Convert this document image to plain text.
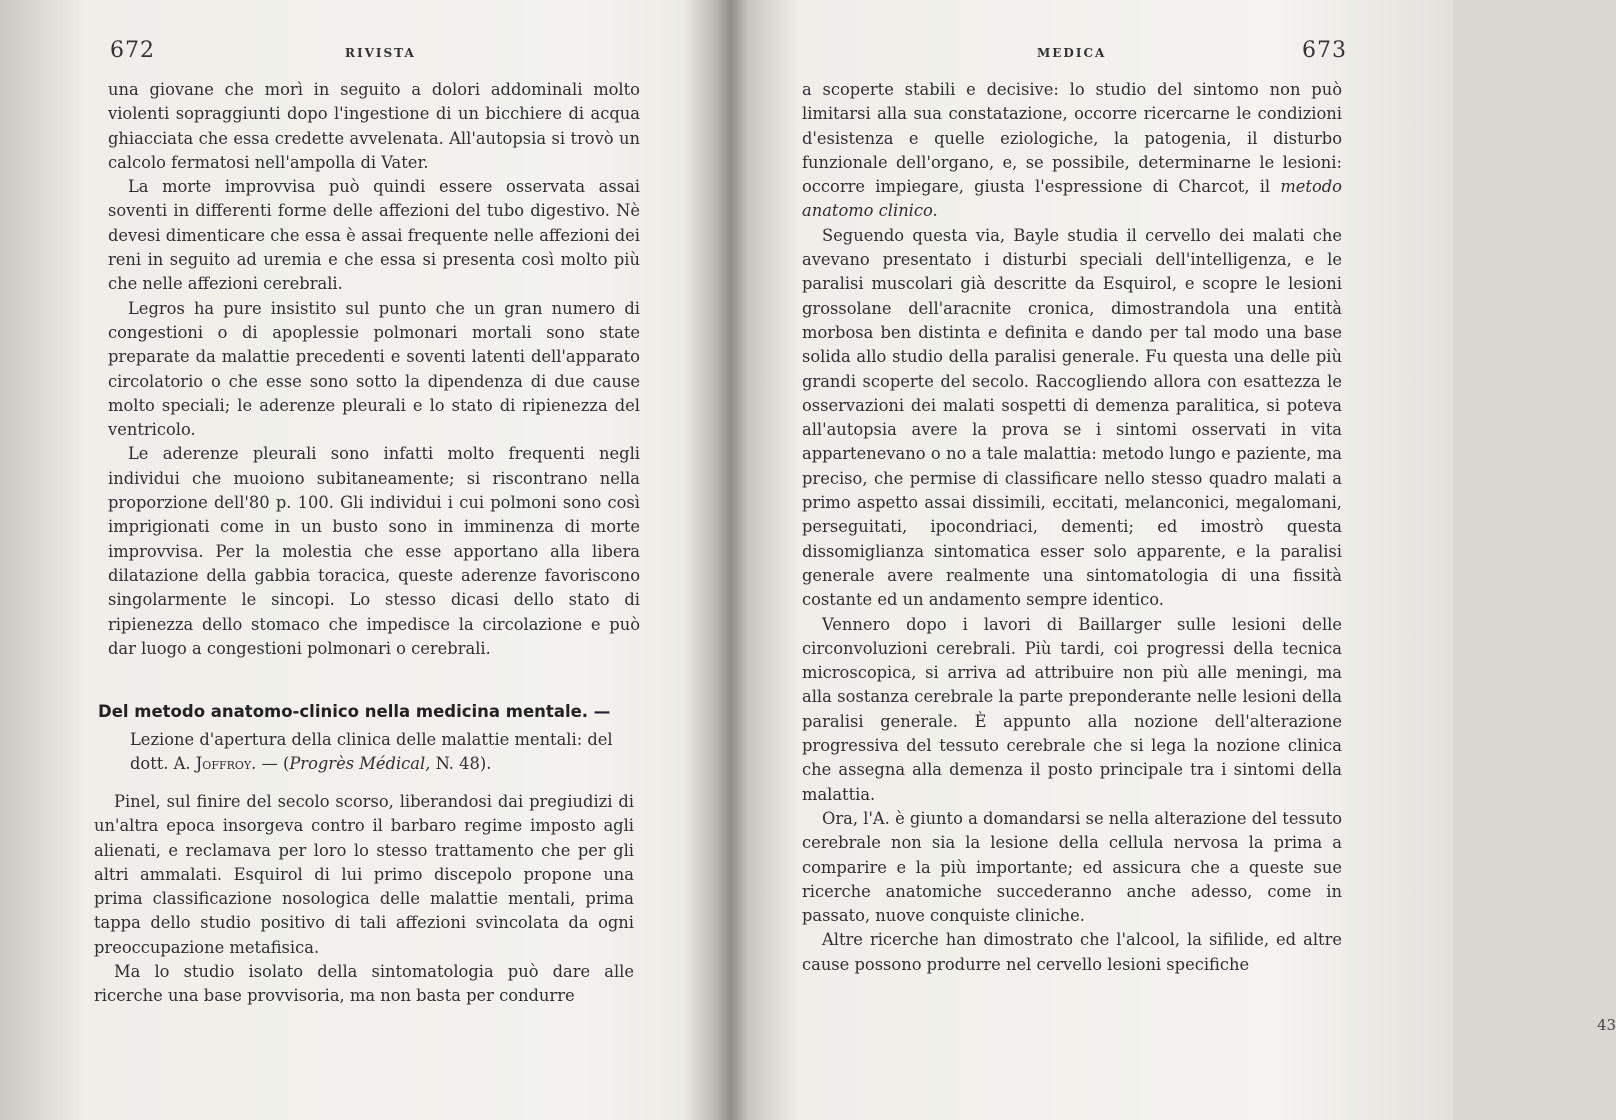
672	RIVISTA

una giovane che morì in seguito a dolori addominali molto violenti sopraggiunti dopo l'ingestione di un bicchiere di acqua ghiacciata che essa credette avvelenata. All'autopsia si trovò un calcolo fermatosi nell'ampolla di Vater.

La morte improvvisa può quindi essere osservata assai soventi in differenti forme delle affezioni del tubo digestivo. Nè devesi dimenticare che essa è assai frequente nelle affezioni dei reni in seguito ad uremia e che essa si presenta così molto più che nelle affezioni cerebrali.

Legros ha pure insistito sul punto che un gran numero di congestioni o di apoplessie polmonari mortali sono state preparate da malattie precedenti e soventi latenti dell'apparato circolatorio o che esse sono sotto la dipendenza di due cause molto speciali; le aderenze pleurali e lo stato di ripienezza del ventricolo.

Le aderenze pleurali sono infatti molto frequenti negli individui che muoiono subitaneamente; si riscontrano nella proporzione dell'80 p. 100. Gli individui i cui polmoni sono così imprigionati come in un busto sono in imminenza di morte improvvisa. Per la molestia che esse apportano alla libera dilatazione della gabbia toracica, queste aderenze favoriscono singolarmente le sincopi. Lo stesso dicasi dello stato di ripienezza dello stomaco che impedisce la circolazione e può dar luogo a congestioni polmonari o cerebrali.

Del metodo anatomo-clinico nella medicina mentale. —
Lezione d'apertura della clinica delle malattie mentali: del dott. A. Joffroy. — (Progrès Médical, N. 48).

Pinel, sul finire del secolo scorso, liberandosi dai pregiudizi di un'altra epoca insorgeva contro il barbaro regime imposto agli alienati, e reclamava per loro lo stesso trattamento che per gli altri ammalati. Esquirol di lui primo discepolo propone una prima classificazione nosologica delle malattie mentali, prima tappa dello studio positivo di tali affezioni svincolata da ogni preoccupazione metafisica.

Ma lo studio isolato della sintomatologia può dare alle ricerche una base provvisoria, ma non basta per condurre

MEDICA	673

a scoperte stabili e decisive: lo studio del sintomo non può limitarsi alla sua constatazione, occorre ricercarne le condizioni d'esistenza e quelle eziologiche, la patogenia, il disturbo funzionale dell'organo, e, se possibile, determinarne le lesioni: occorre impiegare, giusta l'espressione di Charcot, il metodo anatomo clinico.

Seguendo questa via, Bayle studia il cervello dei malati che avevano presentato i disturbi speciali dell'intelligenza, e le paralisi muscolari già descritte da Esquirol, e scopre le lesioni grossolane dell'aracnite cronica, dimostrandola una entità morbosa ben distinta e definita e dando per tal modo una base solida allo studio della paralisi generale. Fu questa una delle più grandi scoperte del secolo. Raccogliendo allora con esattezza le osservazioni dei malati sospetti di demenza paralitica, si poteva all'autopsia avere la prova se i sintomi osservati in vita appartenevano o no a tale malattia: metodo lungo e paziente, ma preciso, che permise di classificare nello stesso quadro malati a primo aspetto assai dissimili, eccitati, melanconici, megalomani, perseguitati, ipocondriaci, dementi; ed imostrò questa dissomiglianza sintomatica esser solo apparente, e la paralisi generale avere realmente una sintomatologia di una fissità costante ed un andamento sempre identico.

Vennero dopo i lavori di Baillarger sulle lesioni delle circonvoluzioni cerebrali. Più tardi, coi progressi della tecnica microscopica, si arriva ad attribuire non più alle meningi, ma alla sostanza cerebrale la parte preponderante nelle lesioni della paralisi generale. È appunto alla nozione dell'alterazione progressiva del tessuto cerebrale che si lega la nozione clinica che assegna alla demenza il posto principale tra i sintomi della malattia.

Ora, l'A. è giunto a domandarsi se nella alterazione del tessuto cerebrale non sia la lesione della cellula nervosa la prima a comparire e la più importante; ed assicura che a queste sue ricerche anatomiche succederanno anche adesso, come in passato, nuove conquiste cliniche.

Altre ricerche han dimostrato che l'alcool, la sifilide, ed altre cause possono produrre nel cervello lesioni specifiche

43
